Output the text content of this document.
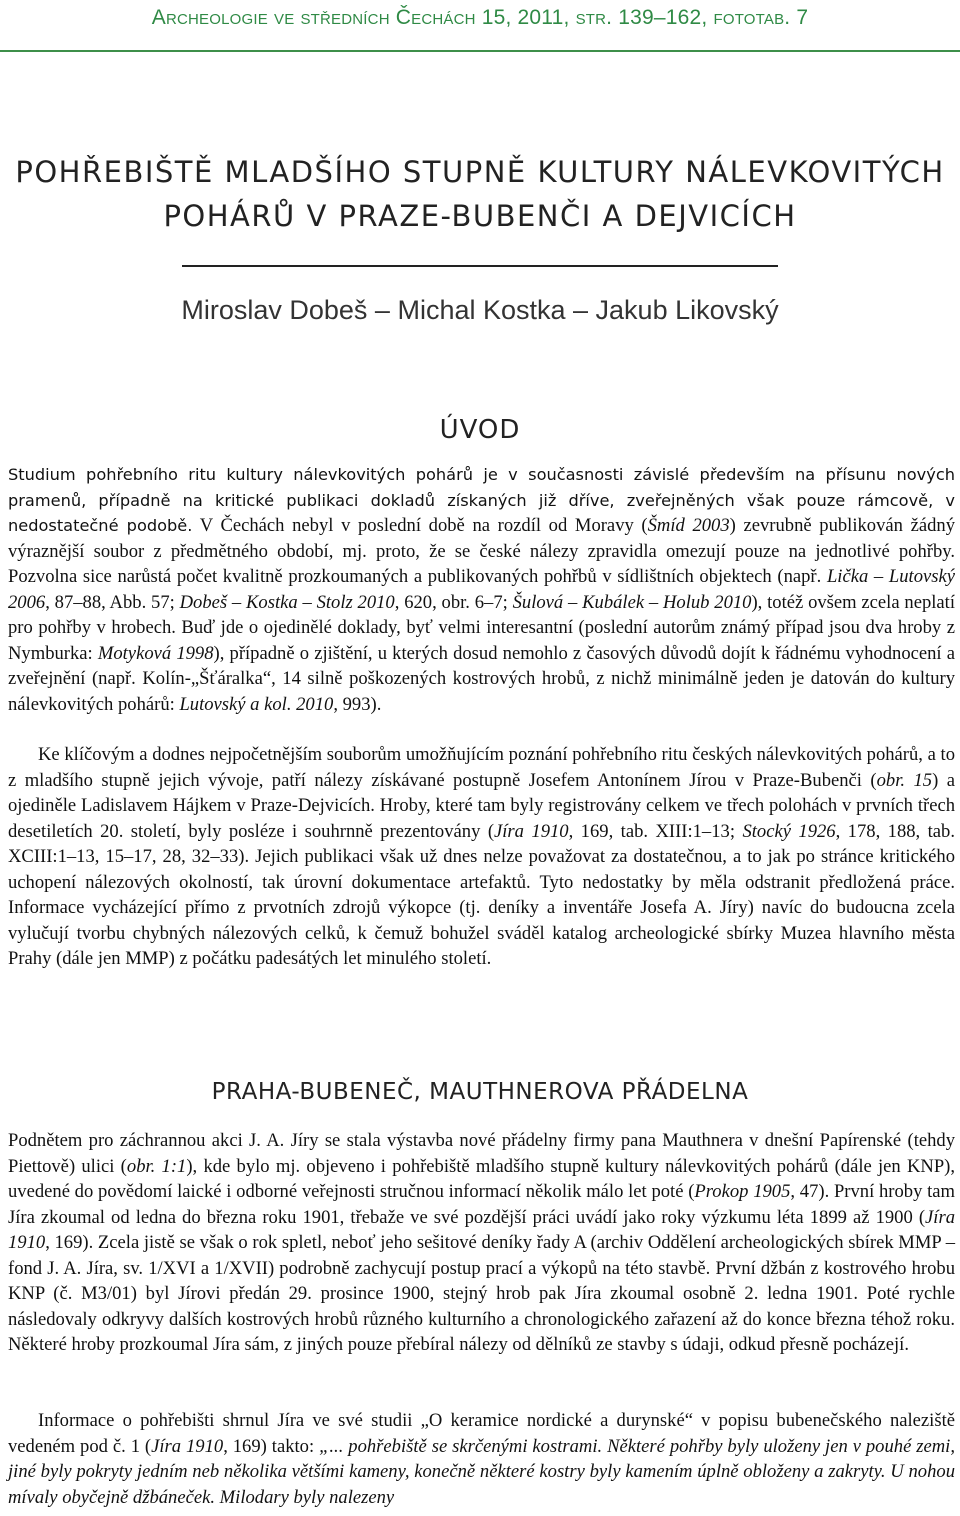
Archeologie ve středních Čechách 15, 2011, str. 139–162, fototab. 7
POHŘEBIŠTĚ MLADŠÍHO STUPNĚ KULTURY NÁLEVKOVITÝCH
POHÁRŮ V PRAZE-BUBENČI A DEJVICÍCH
Miroslav Dobeš – Michal Kostka – Jakub Likovský
ÚVOD

Studium pohřebního ritu kultury nálevkovitých pohárů je v současnosti závislé především na přísunu nových pramenů, případně na kritické publikaci dokladů získaných již dříve, zveřejněných však pouze rámcově, v nedostatečné podobě. V Čechách nebyl v poslední době na rozdíl od Moravy (Šmíd 2003) zevrubně publikován žádný výraznější soubor z předmětného období, mj. proto, že se české nálezy zpravidla omezují pouze na jednotlivé pohřby. Pozvolna sice narůstá počet kvalitně prozkoumaných a publikovaných pohřbů v sídlištních objektech (např. Lička – Lutovský 2006, 87–88, Abb. 57; Dobeš – Kostka – Stolz 2010, 620, obr. 6–7; Šulová – Kubálek – Holub 2010), totéž ovšem zcela neplatí pro pohřby v hrobech. Buď jde o ojedinělé doklady, byť velmi interesantní (poslední autorům známý případ jsou dva hroby z Nymburka: Motyková 1998), případně o zjištění, u kterých dosud nemohlo z časových důvodů dojít k řádnému vyhodnocení a zveřejnění (např. Kolín-„Šťáralka“, 14 silně poškozených kostrových hrobů, z nichž minimálně jeden je datován do kultury nálevkovitých pohárů: Lutovský a kol. 2010, 993).

Ke klíčovým a dodnes nejpočetnějším souborům umožňujícím poznání pohřebního ritu českých nálevkovitých pohárů, a to z mladšího stupně jejich vývoje, patří nálezy získávané postupně Josefem Antonínem Jírou v Praze-Bubenči (obr. 15) a ojediněle Ladislavem Hájkem v Praze-Dejvicích. Hroby, které tam byly registrovány celkem ve třech polohách v prvních třech desetiletích 20. století, byly posléze i souhrnně prezentovány (Jíra 1910, 169, tab. XIII:1–13; Stocký 1926, 178, 188, tab. XCIII:1–13, 15–17, 28, 32–33). Jejich publikaci však už dnes nelze považovat za dostatečnou, a to jak po stránce kritického uchopení nálezových okolností, tak úrovní dokumentace artefaktů. Tyto nedostatky by měla odstranit předložená práce. Informace vycházející přímo z prvotních zdrojů výkopce (tj. deníky a inventáře Josefa A. Jíry) navíc do budoucna zcela vylučují tvorbu chybných nálezových celků, k čemuž bohužel sváděl katalog archeologické sbírky Muzea hlavního města Prahy (dále jen MMP) z počátku padesátých let minulého století.

PRAHA-BUBENEČ, MAUTHNEROVA PŘÁDELNA

Podnětem pro záchrannou akci J. A. Jíry se stala výstavba nové přádelny firmy pana Mauthnera v dnešní Papírenské (tehdy Piettově) ulici (obr. 1:1), kde bylo mj. objeveno i pohřebiště mladšího stupně kultury nálevkovitých pohárů (dále jen KNP), uvedené do povědomí laické i odborné veřejnosti stručnou informací několik málo let poté (Prokop 1905, 47). První hroby tam Jíra zkoumal od ledna do března roku 1901, třebaže ve své pozdější práci uvádí jako roky výzkumu léta 1899 až 1900 (Jíra 1910, 169). Zcela jistě se však o rok spletl, neboť jeho sešitové deníky řady A (archiv Oddělení archeologických sbírek MMP – fond J. A. Jíra, sv. 1/XVI a 1/XVII) podrobně zachycují postup prací a výkopů na této stavbě. První džbán z kostrového hrobu KNP (č. M3/01) byl Jírovi předán 29. prosince 1900, stejný hrob pak Jíra zkoumal osobně 2. ledna 1901. Poté rychle následovaly odkryvy dalších kostrových hrobů různého kulturního a chronologického zařazení až do konce března téhož roku. Některé hroby prozkoumal Jíra sám, z jiných pouze přebíral nálezy od dělníků ze stavby s údaji, odkud přesně pocházejí.

Informace o pohřebišti shrnul Jíra ve své studii „O keramice nordické a durynské“ v popisu bubenečského naleziště vedeném pod č. 1 (Jíra 1910, 169) takto: „... pohřebiště se skrčenými kostrami. Některé pohřby byly uloženy jen v pouhé zemi, jiné byly pokryty jedním neb několika většími kameny, konečně některé kostry byly kamením úplně obloženy a zakryty. U nohou mívaly obyčejně džbáneček. Milodary byly nalezeny
